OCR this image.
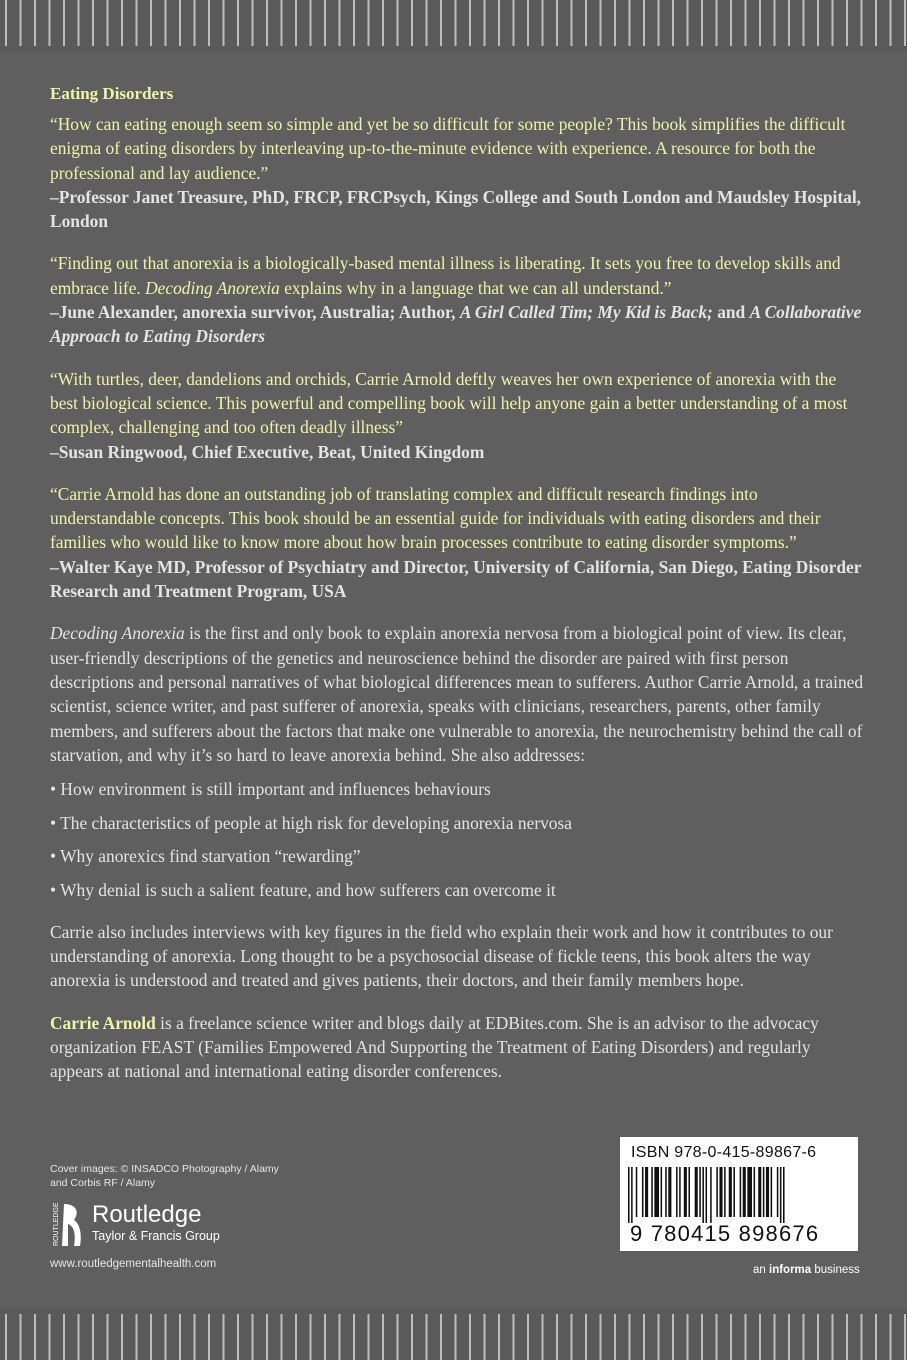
Eating Disorders

“How can eating enough seem so simple and yet be so difficult for some people? This book simplifies the difficult enigma of eating disorders by interleaving up-to-the-minute evidence with experience. A resource for both the professional and lay audience.”

–Professor Janet Treasure, PhD, FRCP, FRCPsych, Kings College and South London and Maudsley Hospital, London

“Finding out that anorexia is a biologically-based mental illness is liberating. It sets you free to develop skills and embrace life. Decoding Anorexia explains why in a language that we can all understand.”

–June Alexander, anorexia survivor, Australia; Author, A Girl Called Tim; My Kid is Back; and A Collaborative Approach to Eating Disorders

“With turtles, deer, dandelions and orchids, Carrie Arnold deftly weaves her own experience of anorexia with the best biological science. This powerful and compelling book will help anyone gain a better understanding of a most complex, challenging and too often deadly illness”

–Susan Ringwood, Chief Executive, Beat, United Kingdom

“Carrie Arnold has done an outstanding job of translating complex and difficult research findings into understandable concepts. This book should be an essential guide for individuals with eating disorders and their families who would like to know more about how brain processes contribute to eating disorder symptoms.”

–Walter Kaye MD, Professor of Psychiatry and Director, University of California, San Diego, Eating Disorder Research and Treatment Program, USA

Decoding Anorexia is the first and only book to explain anorexia nervosa from a biological point of view. Its clear, user-friendly descriptions of the genetics and neuroscience behind the disorder are paired with first person descriptions and personal narratives of what biological differences mean to sufferers. Author Carrie Arnold, a trained scientist, science writer, and past sufferer of anorexia, speaks with clinicians, researchers, parents, other family members, and sufferers about the factors that make one vulnerable to anorexia, the neurochemistry behind the call of starvation, and why it’s so hard to leave anorexia behind. She also addresses:

• How environment is still important and influences behaviours
• The characteristics of people at high risk for developing anorexia nervosa
• Why anorexics find starvation “rewarding”
• Why denial is such a salient feature, and how sufferers can overcome it

Carrie also includes interviews with key figures in the field who explain their work and how it contributes to our understanding of anorexia. Long thought to be a psychosocial disease of fickle teens, this book alters the way anorexia is understood and treated and gives patients, their doctors, and their family members hope.

Carrie Arnold is a freelance science writer and blogs daily at EDBites.com. She is an advisor to the advocacy organization FEAST (Families Empowered And Supporting the Treatment of Eating Disorders) and regularly appears at national and international eating disorder conferences.

Cover images: © INSADCO Photography / Alamy
and Corbis RF / Alamy
ROUTLEDGE Routledge
Taylor & Francis Group
www.routledgementalhealth.com
ISBN 978-0-415-89867-6
9 780415 898676
an informa business
